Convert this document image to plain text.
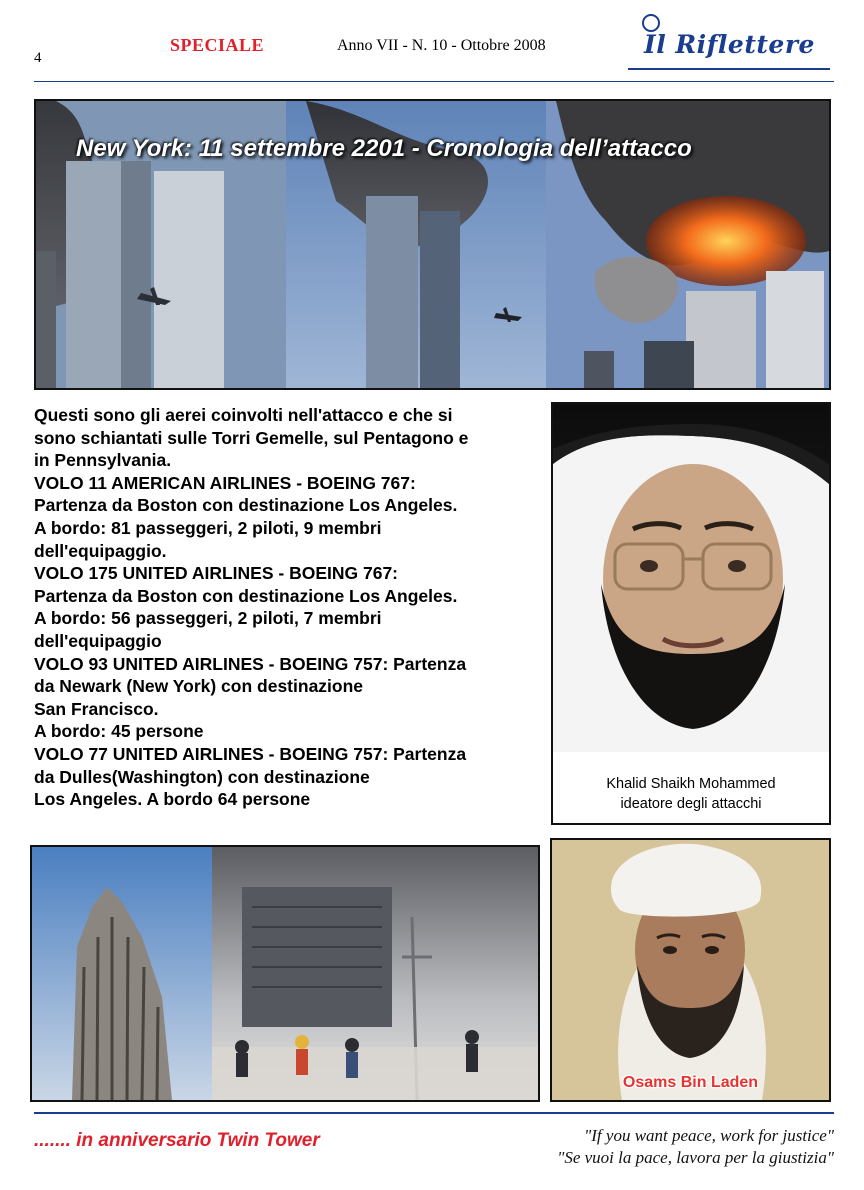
4
SPECIALE	Anno VII - N. 10 - Ottobre 2008	Il Riflettere
New York: 11 settembre 2201 - Cronologia dell’attacco

Questi sono gli aerei coinvolti nell'attacco e che si

sono schiantati sulle Torri Gemelle, sul Pentagono e

in Pennsylvania.

VOLO 11 AMERICAN AIRLINES - BOEING 767:

Partenza da Boston con destinazione Los Angeles.

A bordo: 81 passeggeri, 2 piloti, 9 membri

dell'equipaggio.

VOLO 175 UNITED AIRLINES - BOEING 767:

Partenza da Boston con destinazione Los Angeles.

A bordo: 56 passeggeri, 2 piloti, 7 membri

dell'equipaggio

VOLO 93 UNITED AIRLINES - BOEING 757: Partenza

da Newark (New York) con destinazione

San Francisco.

A bordo: 45 persone

VOLO 77 UNITED AIRLINES - BOEING 757: Partenza

da Dulles(Washington) con destinazione

Los Angeles. A bordo 64 persone

Khalid Shaikh Mohammed
ideatore degli attacchi
Osams Bin Laden
....... in anniversario Twin Tower	"If you want peace, work for justice"
"Se vuoi la pace, lavora per la giustizia"
